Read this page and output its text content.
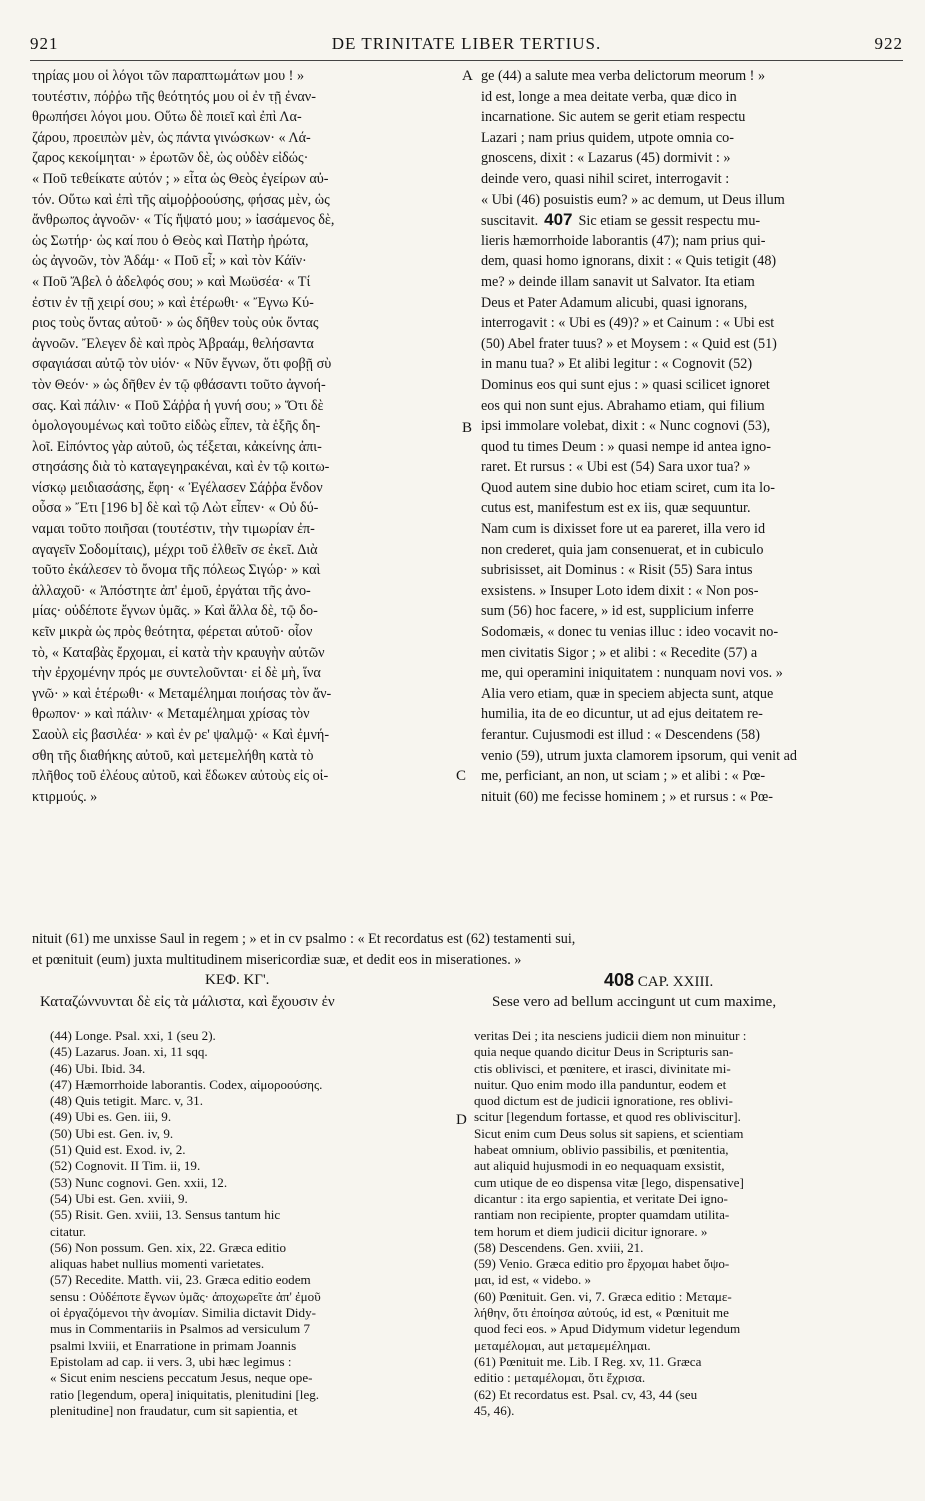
921	DE TRINITATE LIBER TERTIUS.	922
τηρίας μου οἱ λόγοι τῶν παραπτωμάτων μου ! »
τουτέστιν, πόῤῥω τῆς θεότητός μου οἱ ἐν τῇ ἐναν-
θρωπήσει λόγοι μου. Οὕτω δὲ ποιεῖ καὶ ἐπὶ Λα-
ζάρου, προειπὼν μὲν, ὡς πάντα γινώσκων· « Λά-
ζαρος κεκοίμηται· » ἐρωτῶν δὲ, ὡς οὐδὲν εἰδώς·
« Ποῦ τεθείκατε αὐτόν ; » εἶτα ὡς Θεὸς ἐγείρων αὐ-
τόν. Οὕτω καὶ ἐπὶ τῆς αἱμοῤῥοούσης, φήσας μὲν, ὡς
ἄνθρωπος ἀγνοῶν· « Τίς ἥψατό μου; » ἰασάμενος δὲ,
ὡς Σωτήρ· ὡς καί που ὁ Θεὸς καὶ Πατὴρ ἠρώτα,
ὡς ἀγνοῶν, τὸν Ἀδάμ· « Ποῦ εἶ; » καὶ τὸν Κάϊν·
« Ποῦ Ἄβελ ὁ ἀδελφός σου; » καὶ Μωϋσέα· « Τί
ἐστιν ἐν τῇ χειρί σου; » καὶ ἑτέρωθι· « Ἔγνω Κύ-
ριος τοὺς ὄντας αὐτοῦ· » ὡς δῆθεν τοὺς οὐκ ὄντας
ἀγνοῶν. Ἔλεγεν δὲ καὶ πρὸς Ἀβραάμ, θελήσαντα
σφαγιάσαι αὐτῷ τὸν υἱόν· « Νῦν ἔγνων, ὅτι φοβῇ σὺ
τὸν Θεόν· » ὡς δῆθεν ἐν τῷ φθάσαντι τοῦτο ἀγνοή-
σας. Καὶ πάλιν· « Ποῦ Σάῤῥα ἡ γυνή σου; » Ὅτι δὲ
ὁμολογουμένως καὶ τοῦτο εἰδὼς εἶπεν, τὰ ἑξῆς δη-
λοῖ. Εἰπόντος γὰρ αὐτοῦ, ὡς τέξεται, κἀκείνης ἀπι-
στησάσης διὰ τὸ καταγεγηρακέναι, καὶ ἐν τῷ κοιτω-
νίσκῳ μειδιασάσης, ἔφη· « Ἐγέλασεν Σάῤῥα ἔνδον
οὖσα » Ἔτι [196 b] δὲ καὶ τῷ Λὼτ εἶπεν· « Οὐ δύ-
ναμαι τοῦτο ποιῆσαι (τουτέστιν, τὴν τιμωρίαν ἐπ-
αγαγεῖν Σοδομίταις), μέχρι τοῦ ἐλθεῖν σε ἐκεῖ. Διὰ
τοῦτο ἐκάλεσεν τὸ ὄνομα τῆς πόλεως Σιγώρ· » καὶ
ἀλλαχοῦ· « Ἀπόστητε ἀπ' ἐμοῦ, ἐργάται τῆς ἀνο-
μίας· οὐδέποτε ἔγνων ὑμᾶς. » Καὶ ἄλλα δὲ, τῷ δο-
κεῖν μικρὰ ὡς πρὸς θεότητα, φέρεται αὐτοῦ· οἷον
τὸ, « Καταβὰς ἔρχομαι, εἰ κατὰ τὴν κραυγὴν αὐτῶν
τὴν ἐρχομένην πρός με συντελοῦνται· εἰ δὲ μὴ, ἵνα
γνῶ· » καὶ ἑτέρωθι· « Μεταμέλημαι ποιήσας τὸν ἄν-
θρωπον· » καὶ πάλιν· « Μεταμέλημαι χρίσας τὸν
Σαοὺλ εἰς βασιλέα· » καὶ ἐν ρε' ψαλμῷ· « Καὶ ἐμνή-
σθη τῆς διαθήκης αὐτοῦ, καὶ μετεμελήθη κατὰ τὸ
πλῆθος τοῦ ἐλέους αὐτοῦ, καὶ ἔδωκεν αὐτοὺς εἰς οἰ-
κτιρμούς. »
ge (44) a salute mea verba delictorum meorum ! »
id est, longe a mea deitate verba, quæ dico in
incarnatione. Sic autem se gerit etiam respectu
Lazari ; nam prius quidem, utpote omnia co-
gnoscens, dixit : « Lazarus (45) dormivit : »
deinde vero, quasi nihil sciret, interrogavit :
« Ubi (46) posuistis eum? » ac demum, ut Deus illum
suscitavit. 407 Sic etiam se gessit respectu mu-
lieris hæmorrhoide laborantis (47); nam prius qui-
dem, quasi homo ignorans, dixit : « Quis tetigit (48)
me? » deinde illam sanavit ut Salvator. Ita etiam
Deus et Pater Adamum alicubi, quasi ignorans,
interrogavit : « Ubi es (49)? » et Cainum : « Ubi est
(50) Abel frater tuus? » et Moysem : « Quid est (51)
in manu tua? » Et alibi legitur : « Cognovit (52)
Dominus eos qui sunt ejus : » quasi scilicet ignoret
eos qui non sunt ejus. Abrahamo etiam, qui filium
ipsi immolare volebat, dixit : « Nunc cognovi (53),
quod tu times Deum : » quasi nempe id antea igno-
raret. Et rursus : « Ubi est (54) Sara uxor tua? »
Quod autem sine dubio hoc etiam sciret, cum ita lo-
cutus est, manifestum est ex iis, quæ sequuntur.
Nam cum is dixisset fore ut ea pareret, illa vero id
non crederet, quia jam consenuerat, et in cubiculo
subrisisset, ait Dominus : « Risit (55) Sara intus
exsistens. » Insuper Loto idem dixit : « Non pos-
sum (56) hoc facere, » id est, supplicium inferre
Sodomæis, « donec tu venias illuc : ideo vocavit no-
men civitatis Sigor ; » et alibi : « Recedite (57) a
me, qui operamini iniquitatem : nunquam novi vos. »
Alia vero etiam, quæ in speciem abjecta sunt, atque
humilia, ita de eo dicuntur, ut ad ejus deitatem re-
ferantur. Cujusmodi est illud : « Descendens (58)
venio (59), utrum juxta clamorem ipsorum, qui venit ad
me, perficiant, an non, ut sciam ; » et alibi : « Pœ-
nituit (60) me fecisse hominem ; » et rursus : « Pœ-
A
B
C
D
nituit (61) me unxisse Saul in regem ; » et in cv psalmo : « Et recordatus est (62) testamenti sui,
et pœnituit (eum) juxta multitudinem misericordiæ suæ, et dedit eos in miserationes. »
ΚΕΦ. ΚΓ'.
Καταζώννυνται δὲ εἰς τὰ μάλιστα, καὶ ἔχουσιν ἐν
408 CAP. XXIII.
Sese vero ad bellum accingunt ut cum maxime,
(44) Longe. Psal. xxi, 1 (seu 2).
(45) Lazarus. Joan. xi, 11 sqq.
(46) Ubi. Ibid. 34.
(47) Hæmorrhoide laborantis. Codex, αἱμοροούσης.
(48) Quis tetigit. Marc. v, 31.
(49) Ubi es. Gen. iii, 9.
(50) Ubi est. Gen. iv, 9.
(51) Quid est. Exod. iv, 2.
(52) Cognovit. II Tim. ii, 19.
(53) Nunc cognovi. Gen. xxii, 12.
(54) Ubi est. Gen. xviii, 9.
(55) Risit. Gen. xviii, 13. Sensus tantum hic
citatur.
(56) Non possum. Gen. xix, 22. Græca editio
aliquas habet nullius momenti varietates.
(57) Recedite. Matth. vii, 23. Græca editio eodem
sensu : Οὐδέποτε ἔγνων ὑμᾶς· ἀποχωρεῖτε ἀπ' ἐμοῦ
οἱ ἐργαζόμενοι τὴν ἀνομίαν. Similia dictavit Didy-
mus in Commentariis in Psalmos ad versiculum 7
psalmi lxviii, et Enarratione in primam Joannis
Epistolam ad cap. ii vers. 3, ubi hæc legimus :
« Sicut enim nesciens peccatum Jesus, neque ope-
ratio [legendum, opera] iniquitatis, plenitudini [leg.
plenitudine] non fraudatur, cum sit sapientia, et
veritas Dei ; ita nesciens judicii diem non minuitur :
quia neque quando dicitur Deus in Scripturis san-
ctis oblivisci, et pœnitere, et irasci, divinitate mi-
nuitur. Quo enim modo illa panduntur, eodem et
quod dictum est de judicii ignoratione, res oblivi-
scitur [legendum fortasse, et quod res obliviscitur].
Sicut enim cum Deus solus sit sapiens, et scientiam
habeat omnium, oblivio passibilis, et pœnitentia,
aut aliquid hujusmodi in eo nequaquam exsistit,
cum utique de eo dispensa vitæ [lego, dispensative]
dicantur : ita ergo sapientia, et veritate Dei igno-
rantiam non recipiente, propter quamdam utilita-
tem horum et diem judicii dicitur ignorare. »
(58) Descendens. Gen. xviii, 21.
(59) Venio. Græca editio pro ἔρχομαι habet ὄψο-
μαι, id est, « videbo. »
(60) Pœnituit. Gen. vi, 7. Græca editio : Μεταμε-
λήθην, ὅτι ἐποίησα αὐτούς, id est, « Pœnituit me
quod feci eos. » Apud Didymum videtur legendum
μεταμέλομαι, aut μεταμεμέλημαι.
(61) Pœnituit me. Lib. I Reg. xv, 11. Græca
editio : μεταμέλομαι, ὅτι ἔχρισα.
(62) Et recordatus est. Psal. cv, 43, 44 (seu
45, 46).
